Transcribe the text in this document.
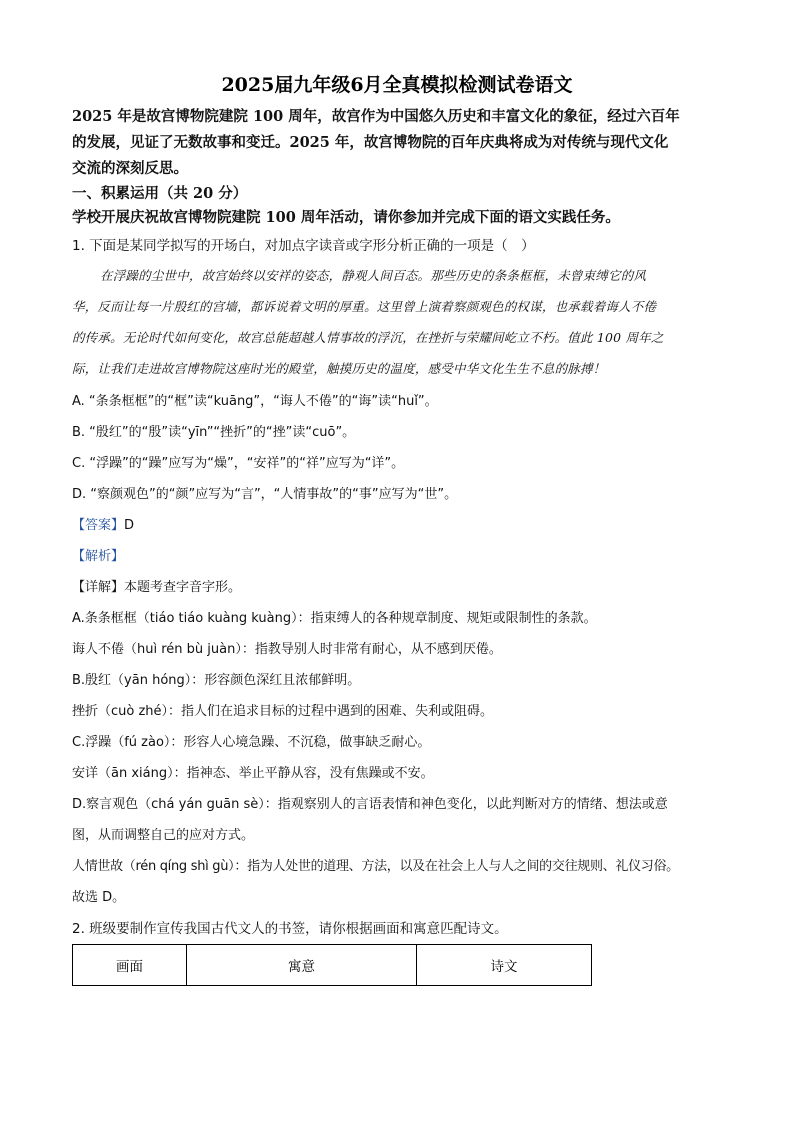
2025届九年级6月全真模拟检测试卷语文
2025 年是故宫博物院建院 100 周年，故宫作为中国悠久历史和丰富文化的象征，经过六百年
的发展，见证了无数故事和变迁。2025 年，故宫博物院的百年庆典将成为对传统与现代文化
交流的深刻反思。
一、积累运用（共 20 分）
学校开展庆祝故宫博物院建院 100 周年活动，请你参加并完成下面的语文实践任务。
1. 下面是某同学拟写的开场白，对加点字读音或字形分析正确的一项是（　）
在浮躁的尘世中，故宫始终以安祥的姿态，静观人间百态。那些历史的条条框框，未曾束缚它的风
华，反而让每一片殷红的宫墙，都诉说着文明的厚重。这里曾上演着察颜观色的权谋，也承载着诲人不倦
的传承。无论时代如何变化，故宫总能超越人情事故的浮沉，在挫折与荣耀间屹立不朽。值此 100 周年之
际，让我们走进故宫博物院这座时光的殿堂，触摸历史的温度，感受中华文化生生不息的脉搏！
A. “条条框框”的“框”读“kuāng”，“诲人不倦”的“诲”读“huǐ”。
B. “殷红”的“殷”读“yīn”“挫折”的“挫”读“cuō”。
C. “浮躁”的“躁”应写为“燥”，“安祥”的“祥”应写为“详”。
D. “察颜观色”的“颜”应写为“言”，“人情事故”的“事”应写为“世”。
【答案】D
【解析】
【详解】本题考查字音字形。
A.条条框框（tiáo tiáo kuàng kuàng）：指束缚人的各种规章制度、规矩或限制性的条款。
诲人不倦（huì rén bù juàn）：指教导别人时非常有耐心，从不感到厌倦。
B.殷红（yān hóng）：形容颜色深红且浓郁鲜明。
挫折（cuò zhé）：指人们在追求目标的过程中遇到的困难、失利或阻碍。
C.浮躁（fú zào）：形容人心境急躁、不沉稳，做事缺乏耐心。
安详（ān xiáng）：指神态、举止平静从容，没有焦躁或不安。
D.察言观色（chá yán guān sè）：指观察别人的言语表情和神色变化，以此判断对方的情绪、想法或意
图，从而调整自己的应对方式。
人情世故（rén qíng shì gù）：指为人处世的道理、方法，以及在社会上人与人之间的交往规则、礼仪习俗。
故选 D。
2. 班级要制作宣传我国古代文人的书签，请你根据画面和寓意匹配诗文。
画面	寓意	诗文
